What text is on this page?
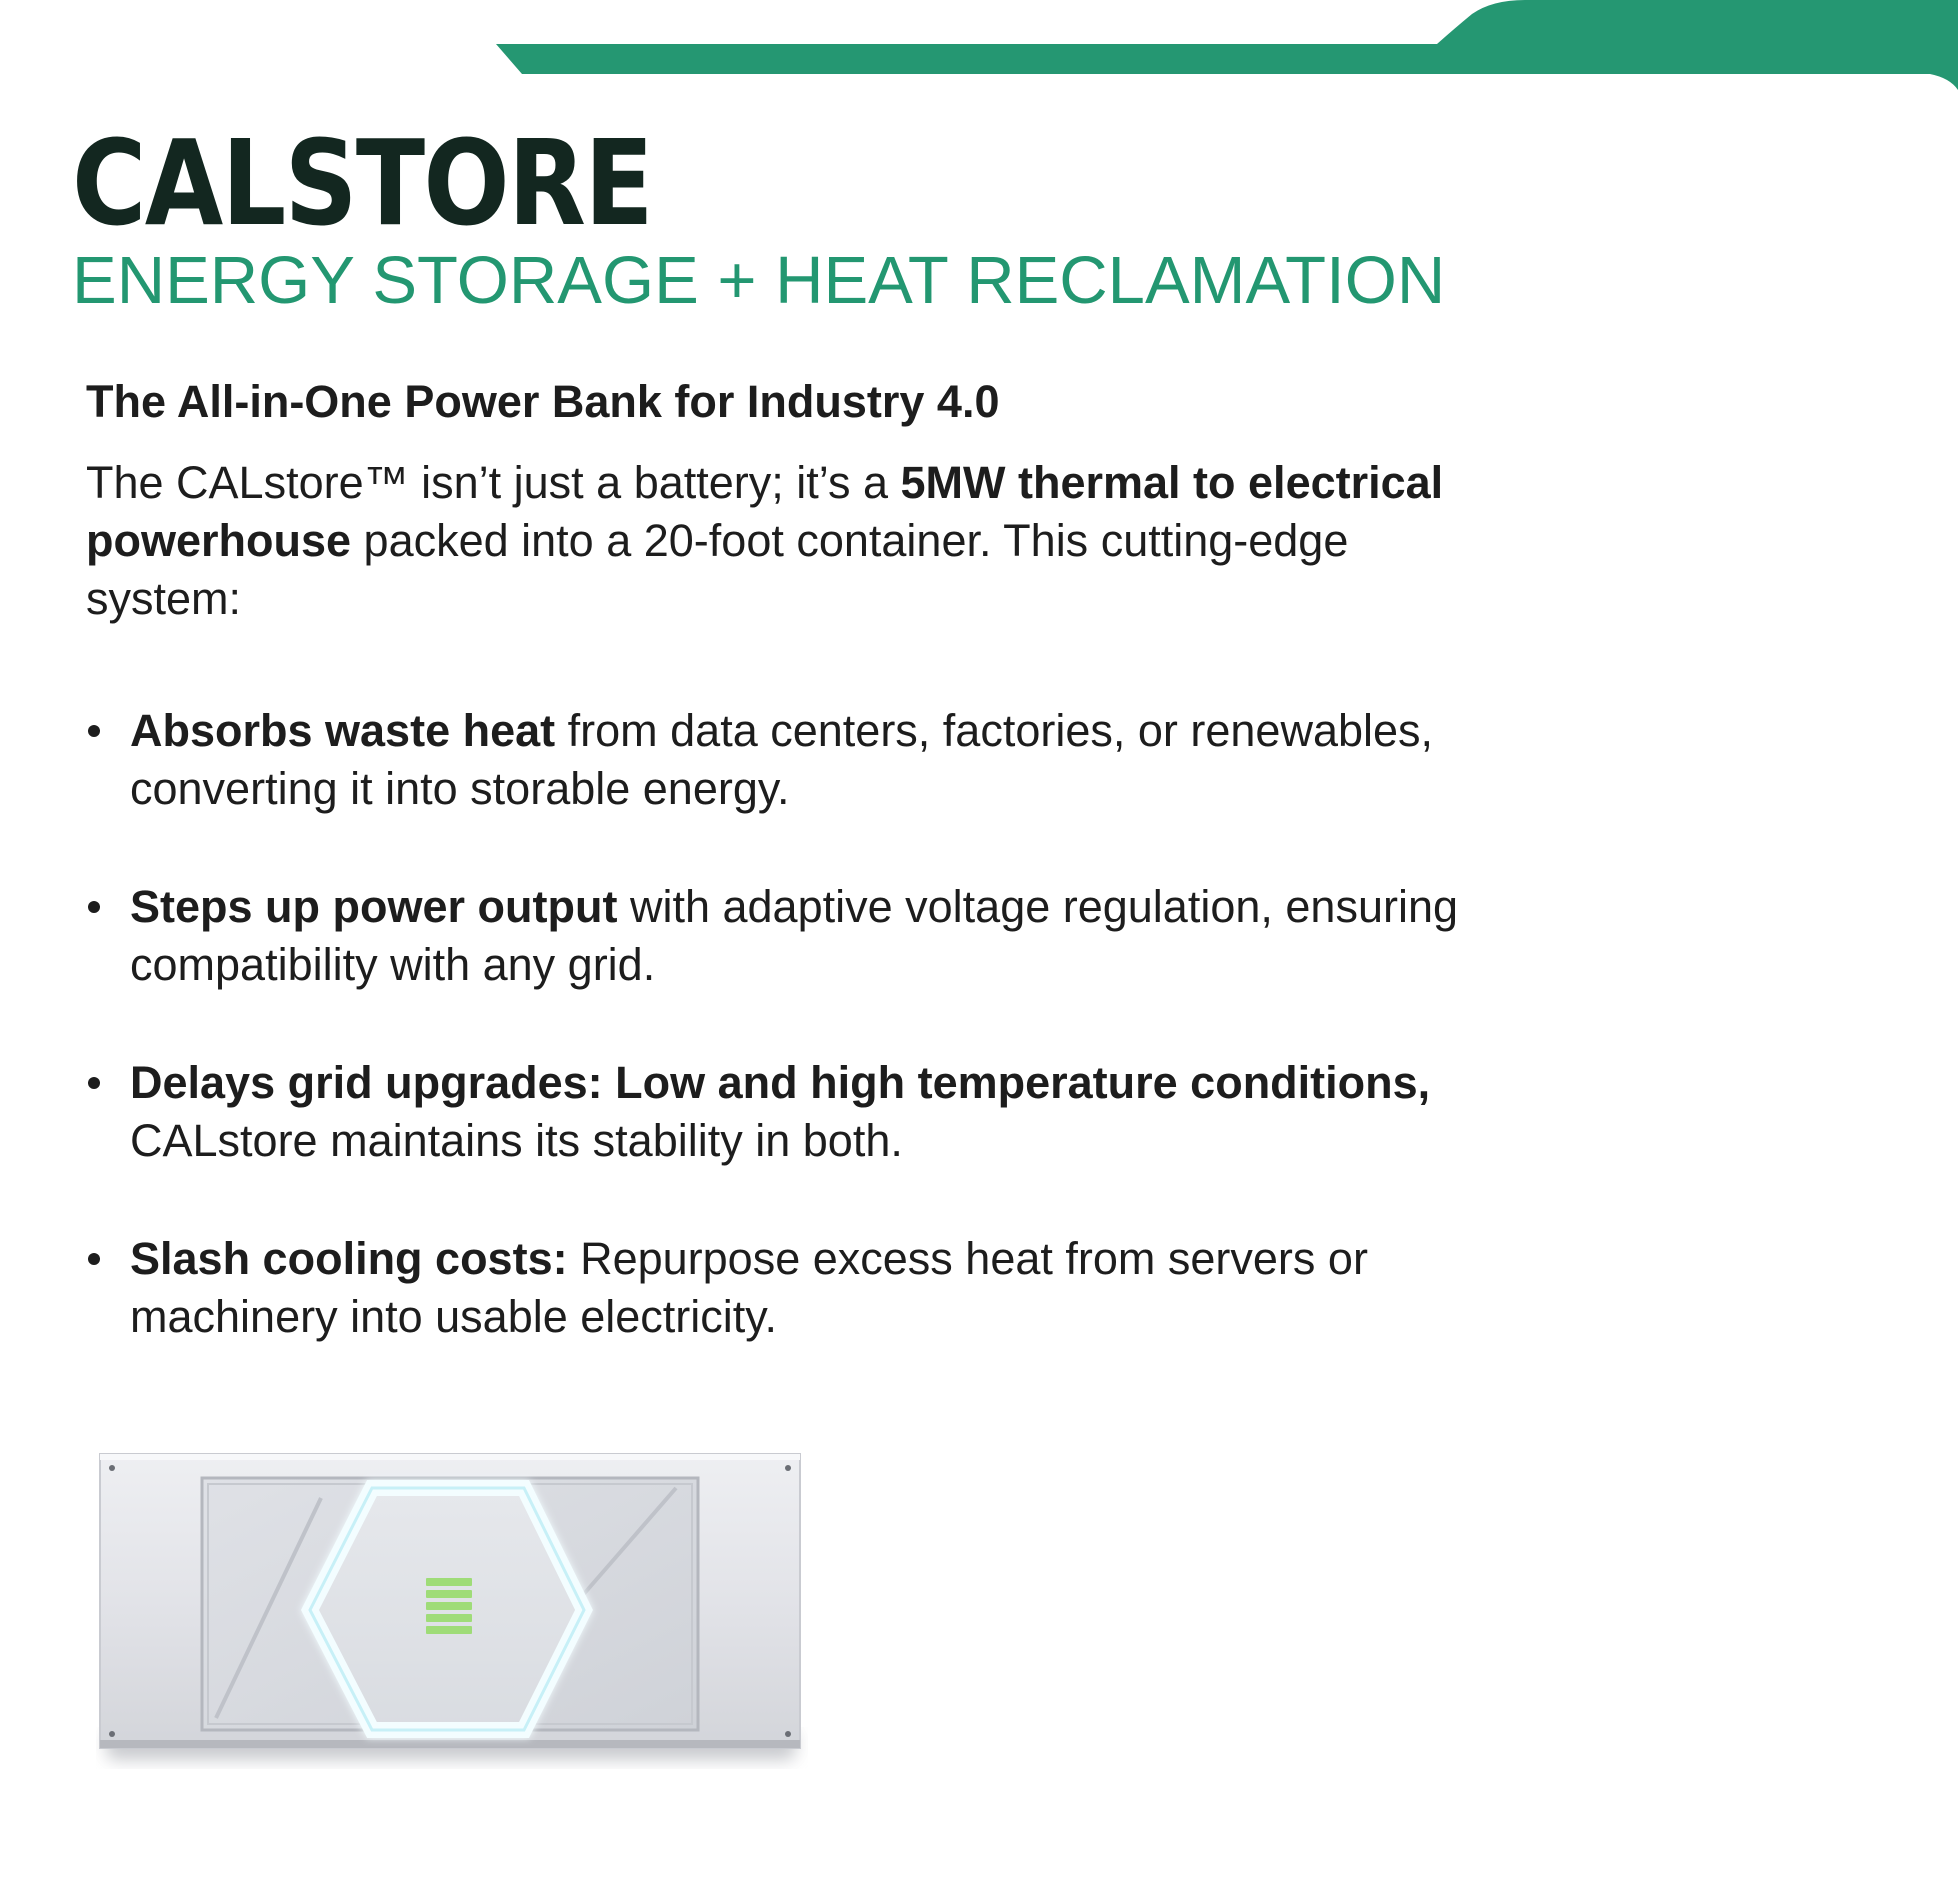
CALSTORE
ENERGY STORAGE + HEAT RECLAMATION
The All-in-One Power Bank for Industry 4.0

The CALstore™ isn’t just a battery; it’s a 5MW thermal to electrical powerhouse packed into a 20-foot container. This cutting-edge system:

Absorbs waste heat from data centers, factories, or renewables, converting it into storable energy.
Steps up power output with adaptive voltage regulation, ensuring compatibility with any grid.
Delays grid upgrades: Low and high temperature conditions, CALstore maintains its stability in both.
Slash cooling costs: Repurpose excess heat from servers or machinery into usable electricity.
